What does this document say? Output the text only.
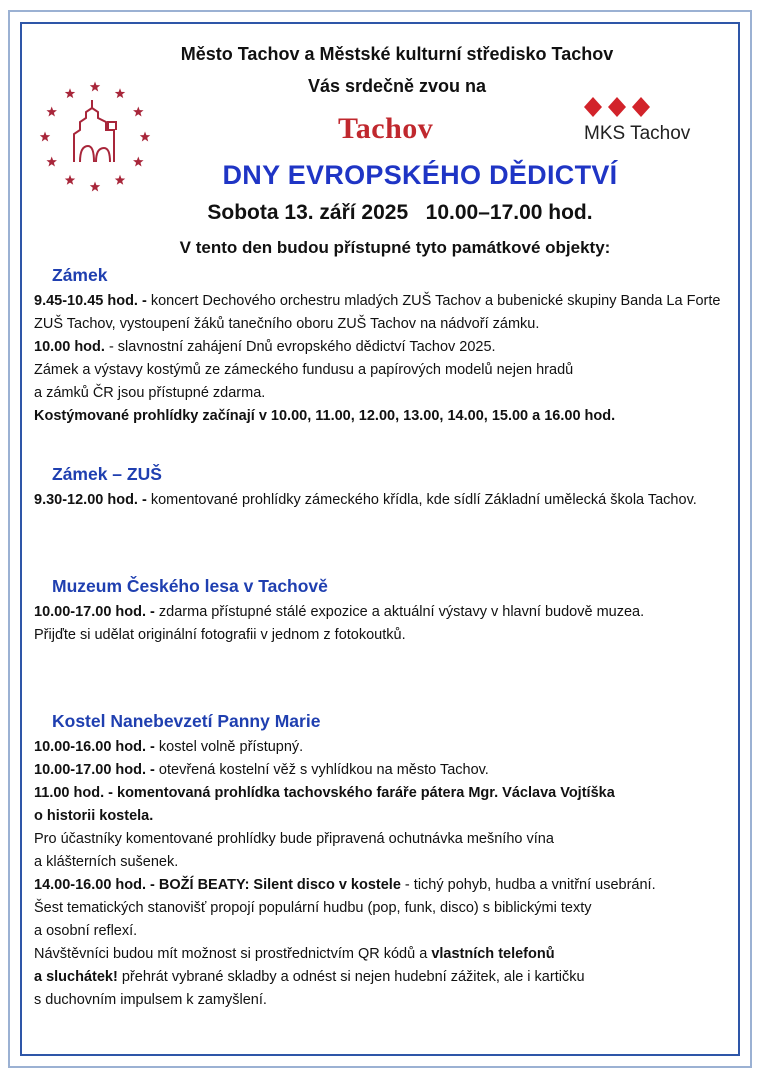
Město Tachov a Městské kulturní středisko Tachov
Vás srdečně zvou na
Tachov	MKS Tachov
DNY EVROPSKÉHO DĚDICTVÍ
Sobota 13. září 2025   10.00–17.00 hod.
V tento den budou přístupné tyto památkové objekty:
Zámek

9.45-10.45 hod. - koncert Dechového orchestru mladých ZUŠ Tachov a bubenické skupiny Banda La Forte ZUŠ Tachov, vystoupení žáků tanečního oboru ZUŠ Tachov na nádvoří zámku.

10.00 hod. - slavnostní zahájení Dnů evropského dědictví Tachov 2025.

Zámek a výstavy kostýmů ze zámeckého fundusu a papírových modelů nejen hradů

a zámků ČR jsou přístupné zdarma.

Kostýmované prohlídky začínají v 10.00, 11.00, 12.00, 13.00, 14.00, 15.00 a 16.00 hod.

Zámek – ZUŠ

9.30-12.00 hod. - komentované prohlídky zámeckého křídla, kde sídlí Základní umělecká škola Tachov.

Muzeum Českého lesa v Tachově

10.00-17.00 hod. - zdarma přístupné stálé expozice a aktuální výstavy v hlavní budově muzea.

Přijďte si udělat originální fotografii v jednom z fotokoutků.

Kostel Nanebevzetí Panny Marie

10.00-16.00 hod. - kostel volně přístupný.

10.00-17.00 hod. - otevřená kostelní věž s vyhlídkou na město Tachov.

11.00 hod. - komentovaná prohlídka tachovského faráře pátera Mgr. Václava Vojtíška

o historii kostela.

Pro účastníky komentované prohlídky bude připravená ochutnávka mešního vína

a klášterních sušenek.

14.00-16.00 hod. - BOŽÍ BEATY: Silent disco v kostele - tichý pohyb, hudba a vnitřní usebrání.

Šest tematických stanovišť propojí populární hudbu (pop, funk, disco) s biblickými texty

a osobní reflexí.

Návštěvníci budou mít možnost si prostřednictvím QR kódů a vlastních telefonů

a sluchátek! přehrát vybrané skladby a odnést si nejen hudební zážitek, ale i kartičku

s duchovním impulsem k zamyšlení.
